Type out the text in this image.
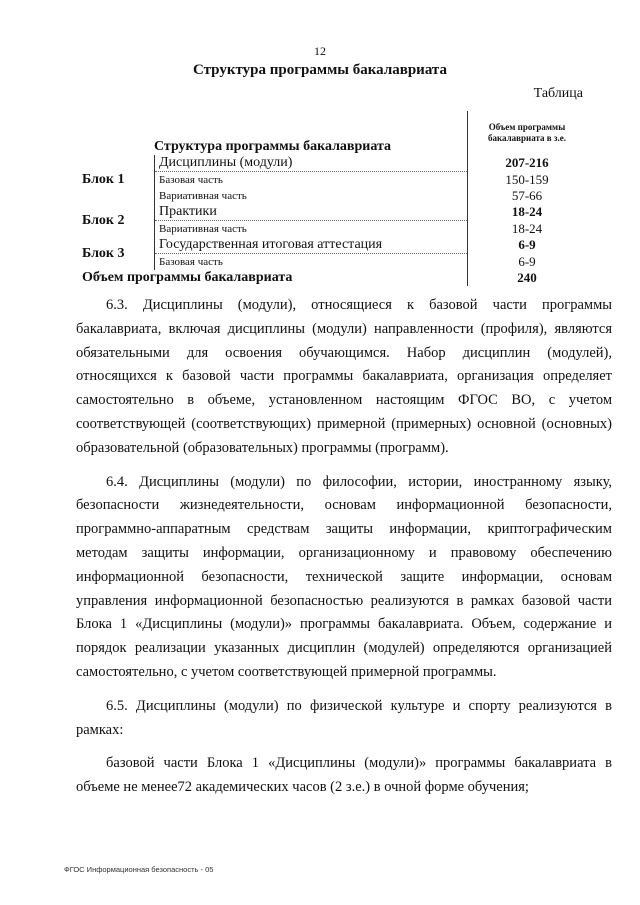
12
Структура программы бакалавриата
Таблица
Структура программы бакалавриата		Объем программы бакалавриата в з.е.
Блок 1	Дисциплины (модули)	207-216
	Базовая часть	150-159
	Вариативная часть	57-66
Блок 2	Практики	18-24
	Вариативная часть	18-24
Блок 3	Государственная итоговая аттестация	6-9
	Базовая часть	6-9
Объем программы бакалавриата		240

6.3. Дисциплины (модули), относящиеся к базовой части программы бакалавриата, включая дисциплины (модули) направленности (профиля), являются обязательными для освоения обучающимся. Набор дисциплин (модулей), относящихся к базовой части программы бакалавриата, организация определяет самостоятельно в объеме, установленном настоящим ФГОС ВО, с учетом соответствующей (соответствующих) примерной (примерных) основной (основных) образовательной (образовательных) программы (программ).

6.4. Дисциплины (модули) по философии, истории, иностранному языку, безопасности жизнедеятельности, основам информационной безопасности, программно-аппаратным средствам защиты информации, криптографическим методам защиты информации, организационному и правовому обеспечению информационной безопасности, технической защите информации, основам управления информационной безопасностью реализуются в рамках базовой части Блока 1 «Дисциплины (модули)» программы бакалавриата. Объем, содержание и порядок реализации указанных дисциплин (модулей) определяются организацией самостоятельно, с учетом соответствующей примерной программы.

6.5. Дисциплины (модули) по физической культуре и спорту реализуются в рамках:

базовой части Блока 1 «Дисциплины (модули)» программы бакалавриата в объеме не менее72 академических часов (2 з.е.) в очной форме обучения;

ФГОС Информационная безопасность - 05
